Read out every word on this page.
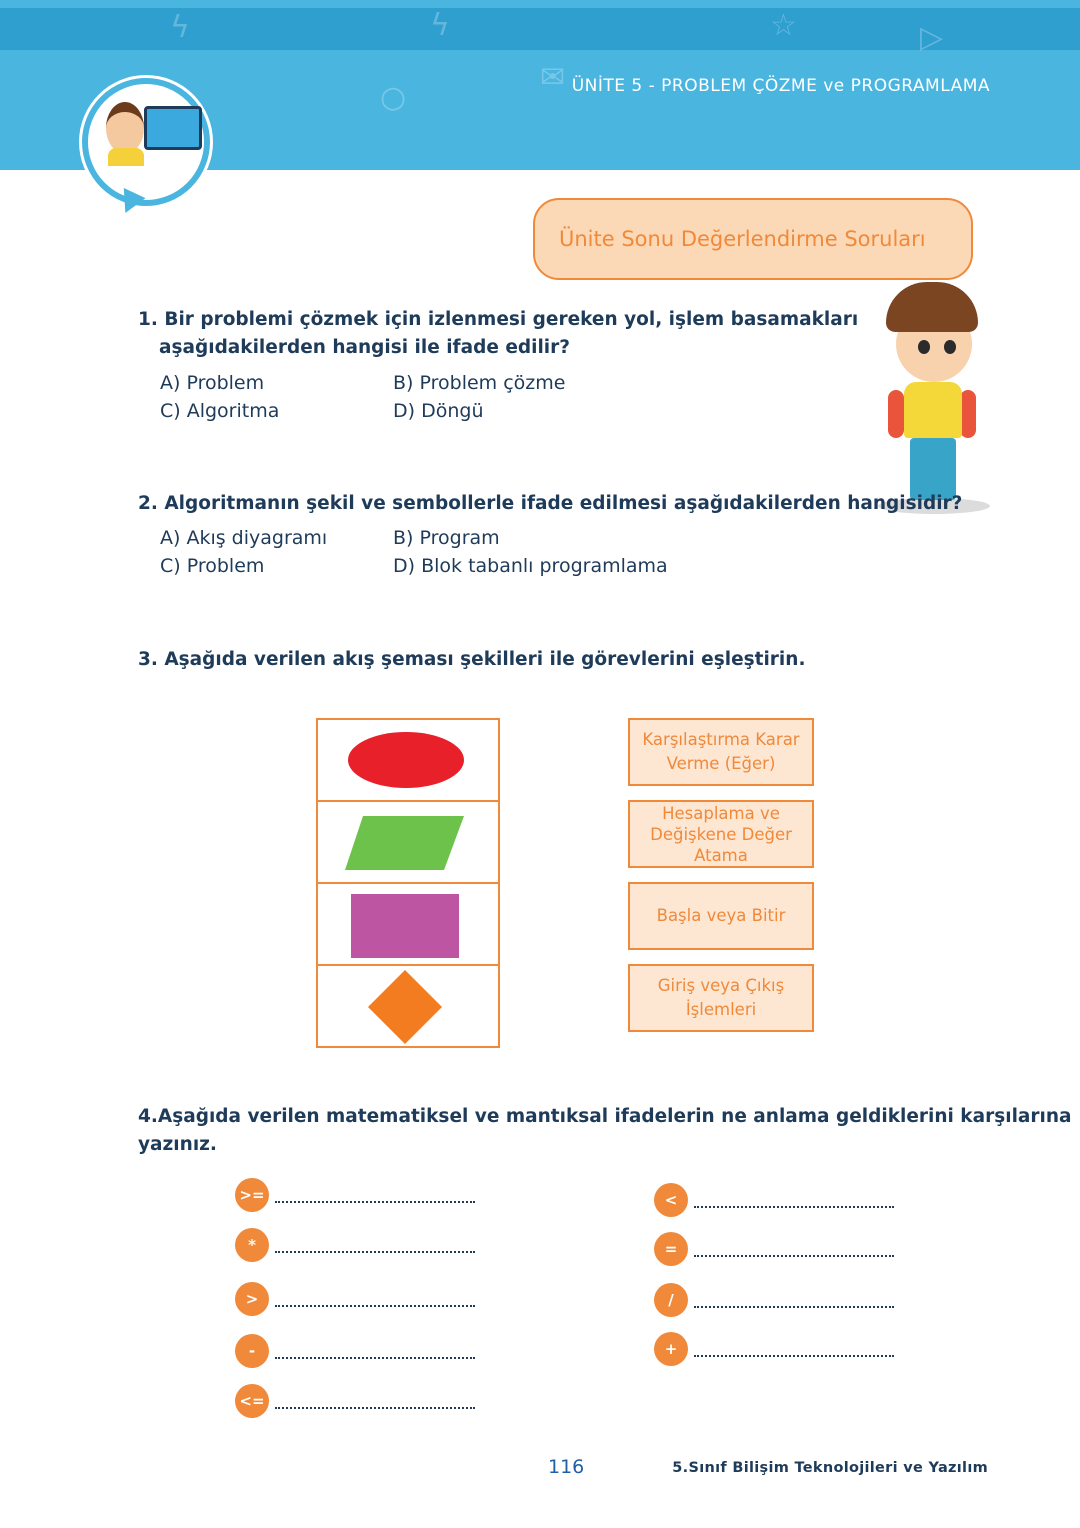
ϟ	ϟ	☆
○
▷
✉ ÜNİTE 5 - PROBLEM ÇÖZME ve PROGRAMLAMA
Ünite Sonu Değerlendirme Soruları
1. Bir problemi çözmek için izlenmesi gereken yol, işlem basamakları
aşağıdakilerden hangisi ile ifade edilir?
A) Problem	B) Problem çözme
C) Algoritma	D) Döngü
2. Algoritmanın şekil ve sembollerle ifade edilmesi aşağıdakilerden hangisidir?
A) Akış diyagramı	B) Program
C) Problem	D) Blok tabanlı programlama
3. Aşağıda verilen akış şeması şekilleri ile görevlerini eşleştirin.
Karşılaştırma Karar Verme (Eğer)
Hesaplama ve Değişkene Değer Atama
Başla veya Bitir
Giriş veya Çıkış İşlemleri
4.Aşağıda verilen matematiksel ve mantıksal ifadelerin ne anlama geldiklerini karşılarına
yazınız.
>=
*
>
-
<=
<
=
/
+
116	5.Sınıf Bilişim Teknolojileri ve Yazılım
